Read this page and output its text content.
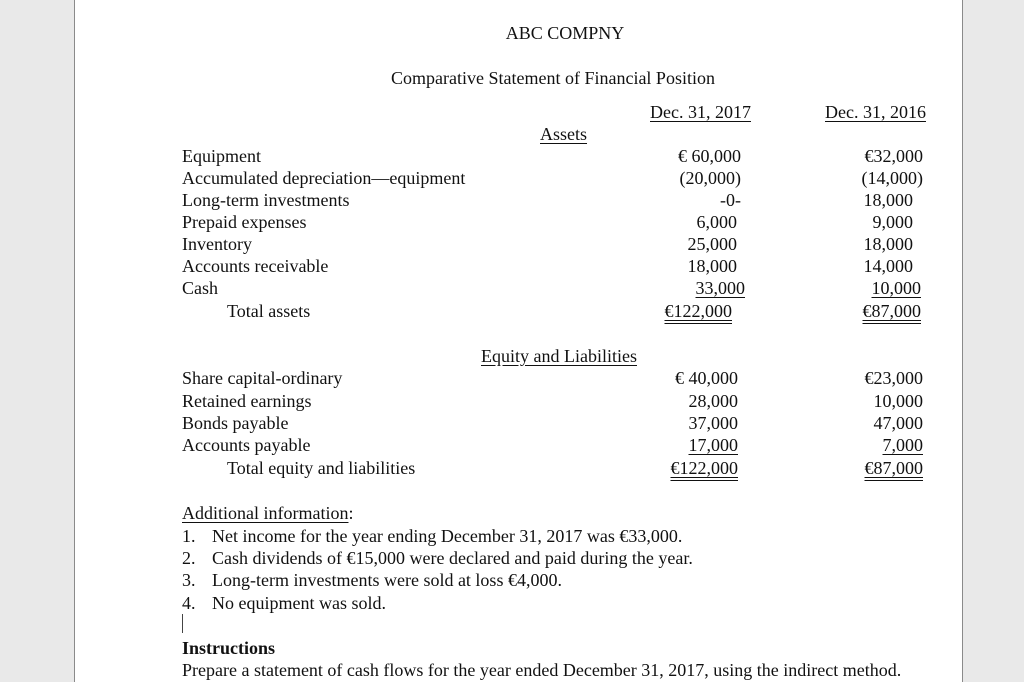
ABC COMPNY
Comparative Statement of Financial Position
Dec. 31, 2017	Dec. 31, 2016
Assets
Equipment	€ 60,000	€32,000
Accumulated depreciation—equipment	(20,000)	(14,000)
Long-term investments	-0-	18,000
Prepaid expenses	6,000	9,000
Inventory	25,000	18,000
Accounts receivable	18,000	14,000
Cash	33,000	10,000
Total assets	€122,000	€87,000
Equity and Liabilities
Share capital-ordinary	€ 40,000	€23,000
Retained earnings	28,000	10,000
Bonds payable	37,000	47,000
Accounts payable	17,000	7,000
Total equity and liabilities	€122,000	€87,000
Additional information:
1. Net income for the year ending December 31, 2017 was €33,000.
2. Cash dividends of €15,000 were declared and paid during the year.
3. Long-term investments were sold at loss €4,000.
4. No equipment was sold.
Instructions
Prepare a statement of cash flows for the year ended December 31, 2017, using the indirect method.
